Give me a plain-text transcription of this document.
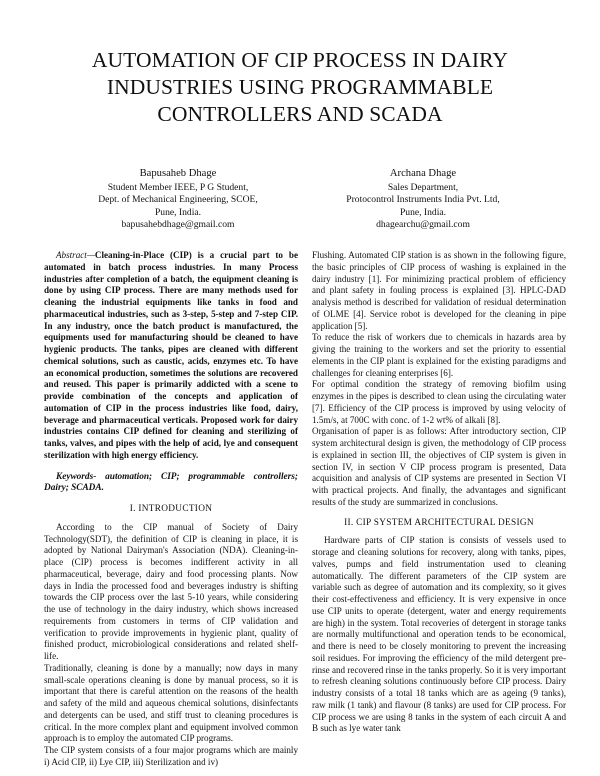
AUTOMATION OF CIP PROCESS IN DAIRY
INDUSTRIES USING PROGRAMMABLE
CONTROLLERS AND SCADA
Bapusaheb Dhage
Student Member IEEE, P G Student,
Dept. of Mechanical Engineering, SCOE,
Pune, India.
bapusahebdhage@gmail.com
Archana Dhage
Sales Department,
Protocontrol Instruments India Pvt. Ltd,
Pune, India.
dhagearchu@gmail.com

Abstract—Cleaning-in-Place (CIP) is a crucial part to be automated in batch process industries. In many Process industries after completion of a batch, the equipment cleaning is done by using CIP process. There are many methods used for cleaning the industrial equipments like tanks in food and pharmaceutical industries, such as 3-step, 5-step and 7-step CIP. In any industry, once the batch product is manufactured, the equipments used for manufacturing should be cleaned to have hygienic products. The tanks, pipes are cleaned with different chemical solutions, such as caustic, acids, enzymes etc. To have an economical production, sometimes the solutions are recovered and reused. This paper is primarily addicted with a scene to provide combination of the concepts and application of automation of CIP in the process industries like food, dairy, beverage and pharmaceutical verticals. Proposed work for dairy industries contains CIP defined for cleaning and sterilizing of tanks, valves, and pipes with the help of acid, lye and consequent sterilization with high energy efficiency.

Keywords- automation; CIP; programmable controllers; Dairy; SCADA.

I. INTRODUCTION

According to the CIP manual of Society of Dairy Technology(SDT), the definition of CIP is cleaning in place, it is adopted by National Dairyman's Association (NDA). Cleaning-in-place (CIP) process is becomes indifferent activity in all pharmaceutical, beverage, dairy and food processing plants. Now days in India the processed food and beverages industry is shifting towards the CIP process over the last 5-10 years, while considering the use of technology in the dairy industry, which shows increased requirements from customers in terms of CIP validation and verification to provide improvements in hygienic plant, quality of finished product, microbiological considerations and related shelf-life.

Traditionally, cleaning is done by a manually; now days in many small-scale operations cleaning is done by manual process, so it is important that there is careful attention on the reasons of the health and safety of the mild and aqueous chemical solutions, disinfectants and detergents can be used, and stiff trust to cleaning procedures is critical. In the more complex plant and equipment involved common approach is to employ the automated CIP programs.

The CIP system consists of a four major programs which are mainly i) Acid CIP, ii) Lye CIP, iii) Sterilization and iv)

Flushing. Automated CIP station is as shown in the following figure, the basic principles of CIP process of washing is explained in the dairy industry [1]. For minimizing practical problem of efficiency and plant safety in fouling process is explained [3]. HPLC-DAD analysis method is described for validation of residual determination of OLME [4]. Service robot is developed for the cleaning in pipe application [5].

To reduce the risk of workers due to chemicals in hazards area by giving the training to the workers and set the priority to essential elements in the CIP plant is explained for the existing paradigms and challenges for cleaning enterprises [6].

For optimal condition the strategy of removing biofilm using enzymes in the pipes is described to clean using the circulating water [7]. Efficiency of the CIP process is improved by using velocity of 1.5m/s, at 700C with conc. of 1-2 wt% of alkali [8].

Organisation of paper is as follows: After introductory section, CIP system architectural design is given, the methodology of CIP process is explained in section III, the objectives of CIP system is given in section IV, in section V CIP process program is presented, Data acquisition and analysis of CIP systems are presented in Section VI with practical projects. And finally, the advantages and significant results of the study are summarized in conclusions.

II. CIP SYSTEM ARCHITECTURAL DESIGN

Hardware parts of CIP station is consists of vessels used to storage and cleaning solutions for recovery, along with tanks, pipes, valves, pumps and field instrumentation used to cleaning automatically. The different parameters of the CIP system are variable such as degree of automation and its complexity, so it gives their cost-effectiveness and efficiency. It is very expensive in once use CIP units to operate (detergent, water and energy requirements are high) in the system. Total recoveries of detergent in storage tanks are normally multifunctional and operation tends to be economical, and there is need to be closely monitoring to prevent the increasing soil residues. For improving the efficiency of the mild detergent pre-rinse and recovered rinse in the tanks properly. So it is very important to refresh cleaning solutions continuously before CIP process. Dairy industry consists of a total 18 tanks which are as ageing (9 tanks), raw milk (1 tank) and flavour (8 tanks) are used for CIP process. For CIP process we are using 8 tanks in the system of each circuit A and B such as lye water tank
